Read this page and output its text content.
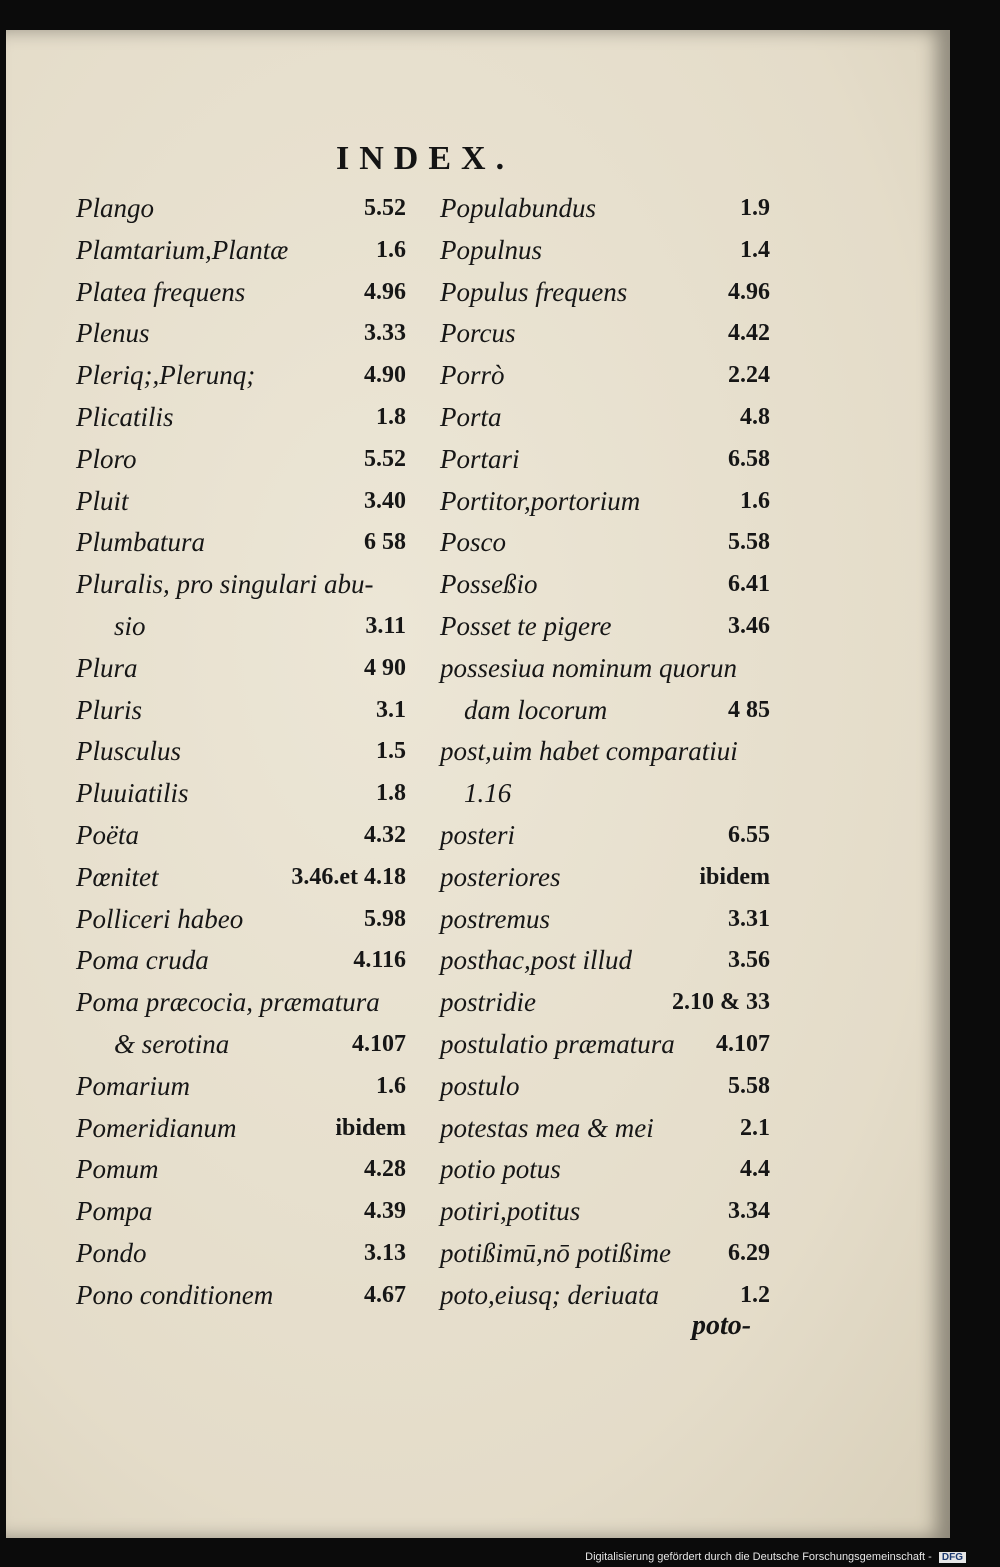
INDEX.
Plango	5.52
Plamtarium,Plantæ	1.6
Platea frequens	4.96
Plenus	3.33
Pleriq;,Plerunq;	4.90
Plicatilis	1.8
Ploro	5.52
Pluit	3.40
Plumbatura	6 58
Pluralis, pro singulari abu-
sio	3.11
Plura	4 90
Pluris	3.1
Plusculus	1.5
Pluuiatilis	1.8
Poëta	4.32
Pœnitet	3.46.et 4.18
Polliceri habeo	5.98
Poma cruda	4.116
Poma præcocia, præmatura
& serotina	4.107
Pomarium	1.6
Pomeridianum	ibidem
Pomum	4.28
Pompa	4.39
Pondo	3.13
Pono conditionem	4.67
Populabundus	1.9
Populnus	1.4
Populus frequens	4.96
Porcus	4.42
Porrò	2.24
Porta	4.8
Portari	6.58
Portitor,portorium	1.6
Posco	5.58
Posseßio	6.41
Posset te pigere	3.46
possesiua nominum quorun
dam locorum	4 85
post,uim habet comparatiui
1.16
posteri	6.55
posteriores	ibidem
postremus	3.31
posthac,post illud	3.56
postridie	2.10 & 33
postulatio præmatura 4.107
postulo	5.58
potestas mea & mei	2.1
potio potus	4.4
potiri,potitus	3.34
potißimū,nō potißime 6.29
poto,eiusq; deriuata	1.2
poto-
Digitalisierung gefördert durch die Deutsche Forschungsgemeinschaft - DFG
